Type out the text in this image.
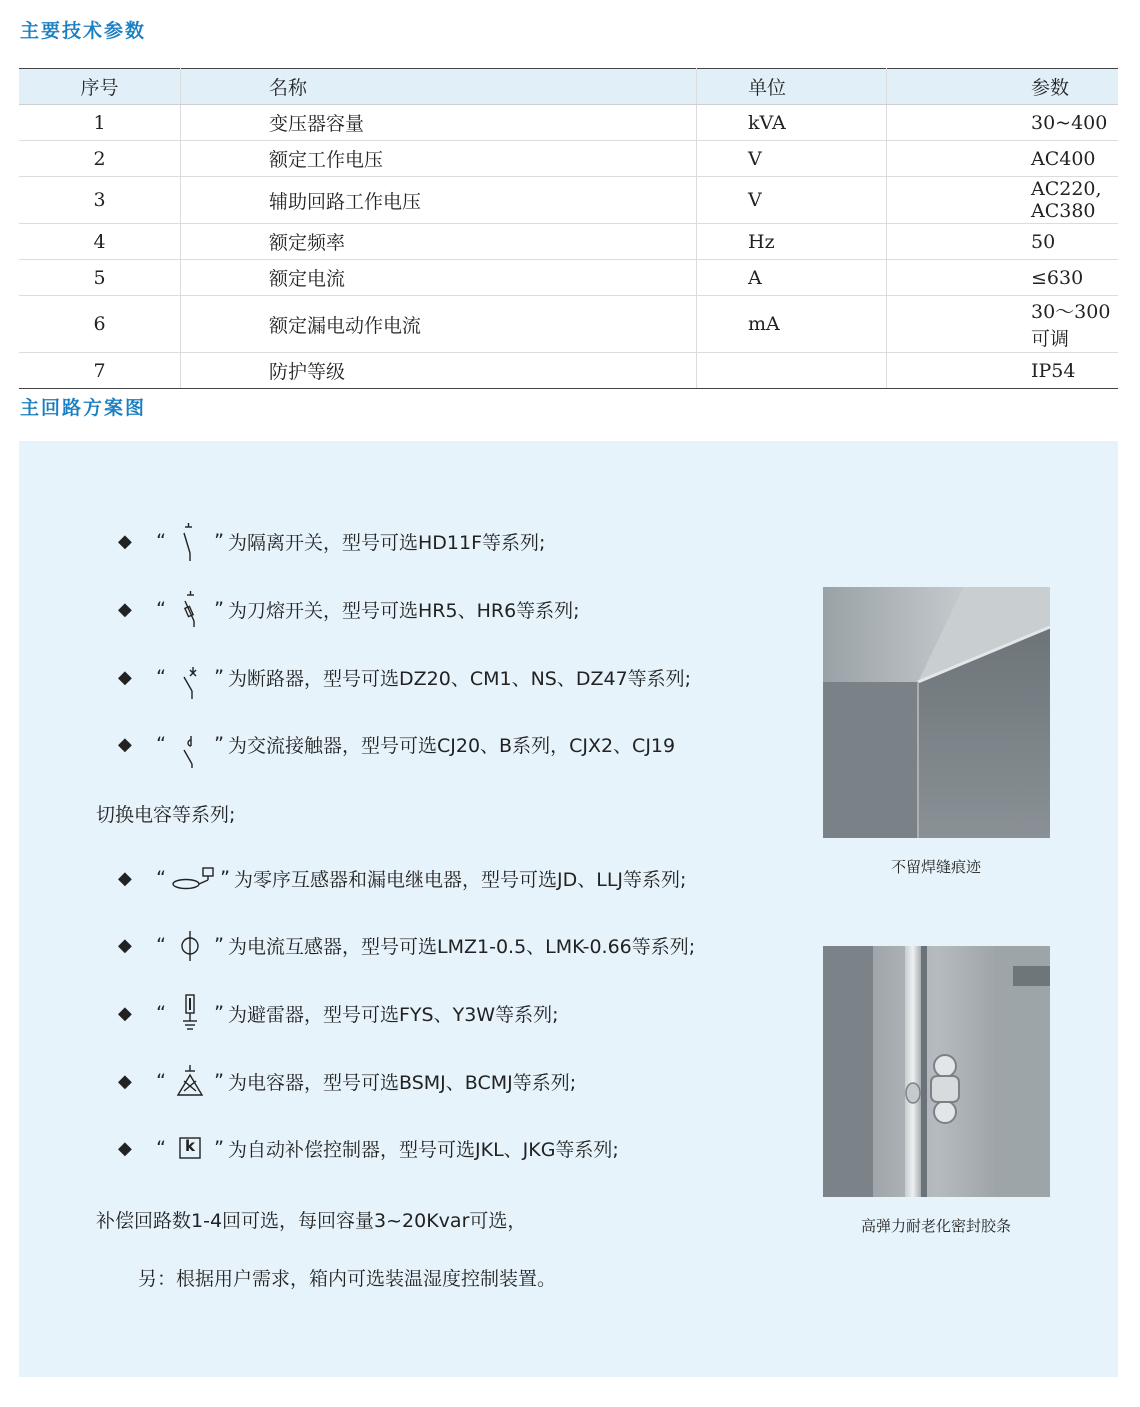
主要技术参数
序号	名称	单位	参数
1	变压器容量	kVA	30~400
2	额定工作电压	V	AC400
3	辅助回路工作电压	V	AC220, AC380
4	额定频率	Hz	50
5	额定电流	A	≤630
6	额定漏电动作电流	mA	30～300可调
7	防护等级		IP54
主回路方案图
◆	“	” 为隔离开关，型号可选HD11F等系列;
◆	“	” 为刀熔开关，型号可选HR5、HR6等系列;
◆	“	” 为断路器，型号可选DZ20、CM1、NS、DZ47等系列;
◆	“	” 为交流接触器，型号可选CJ20、B系列，CJX2、CJ19
切换电容等系列;
◆	“	” 为零序互感器和漏电继电器，型号可选JD、LLJ等系列;
◆	“	” 为电流互感器，型号可选LMZ1-0.5、LMK-0.66等系列;
◆	“	” 为避雷器，型号可选FYS、Y3W等系列;
◆	“	” 为电容器，型号可选BSMJ、BCMJ等系列;
◆	“	k	” 为自动补偿控制器，型号可选JKL、JKG等系列;
补偿回路数1-4回可选，每回容量3~20Kvar可选，
另：根据用户需求，箱内可选装温湿度控制装置。
不留焊缝痕迹
高弹力耐老化密封胶条
